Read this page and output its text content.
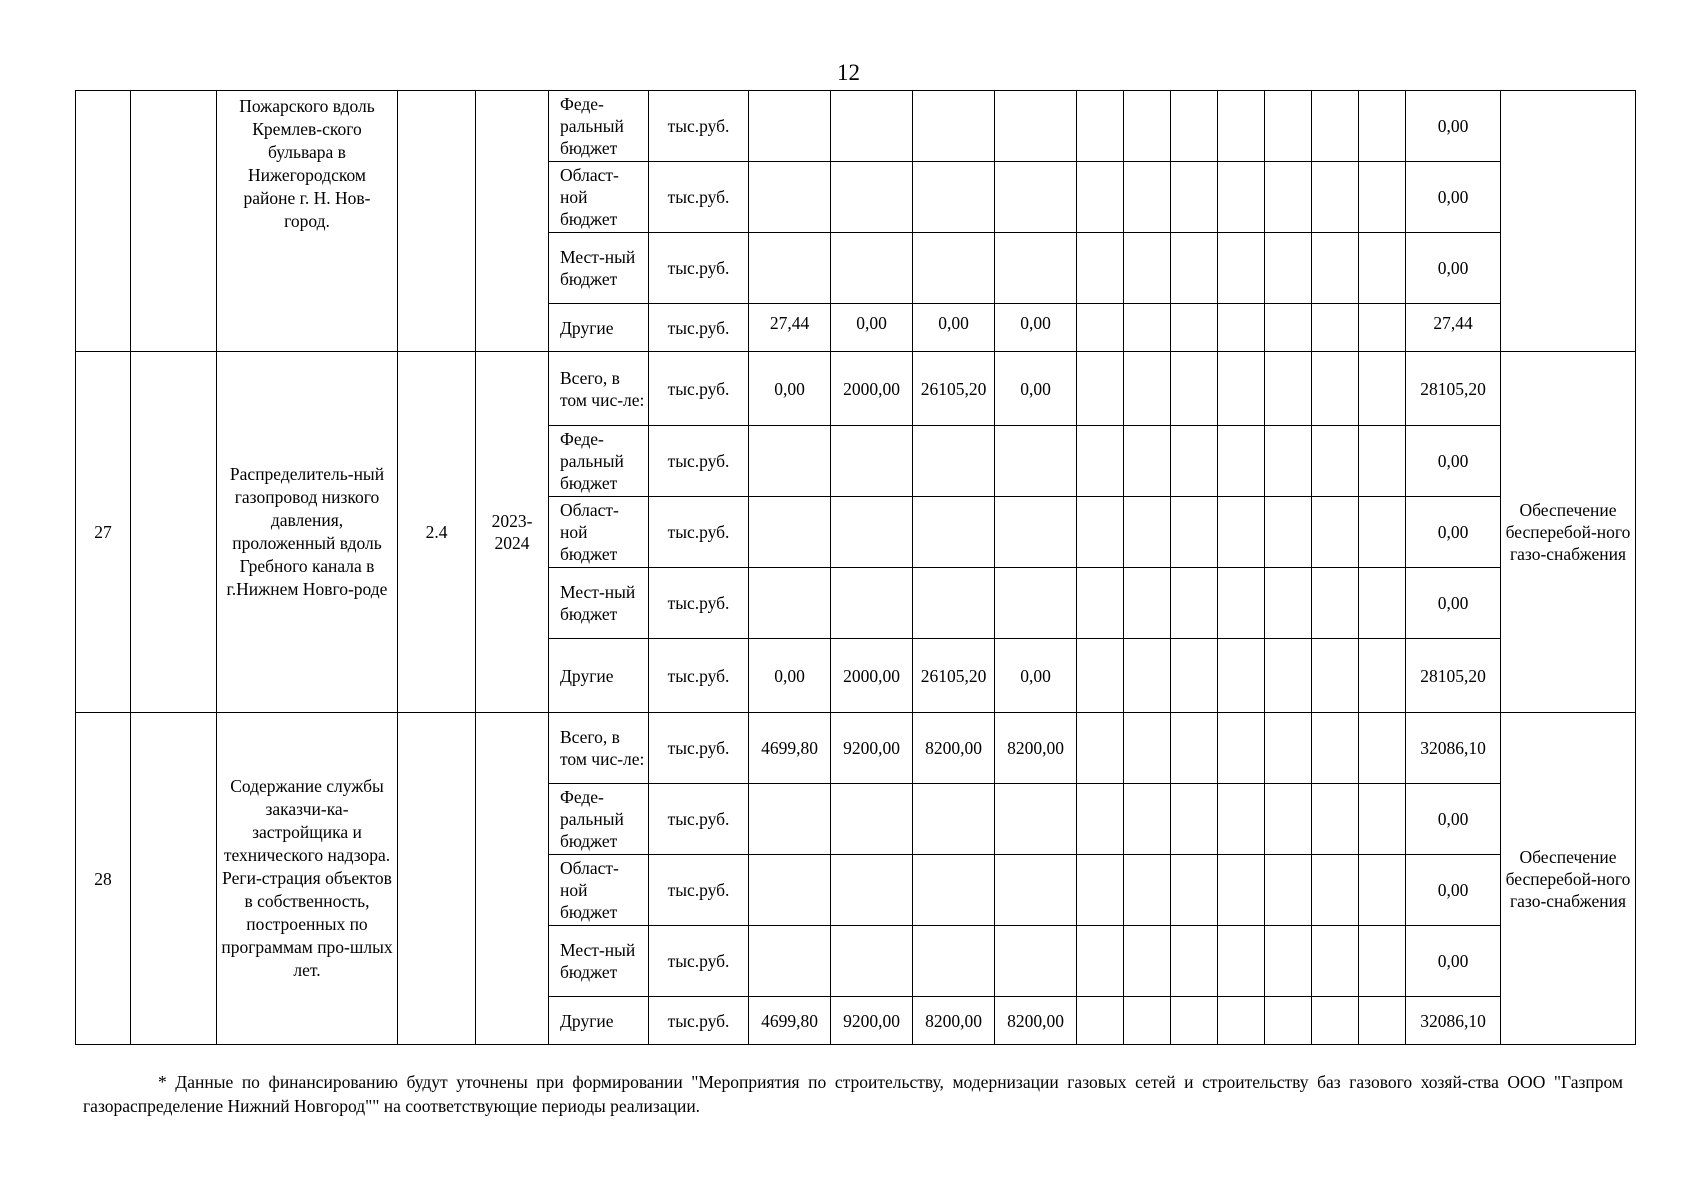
12
		Пожарского вдоль Кремлев-ского бульвара в Нижегородском районе г. Н. Нов-город.			Феде-ральный бюджет	тыс.руб.												0,00	
					Област-ной бюджет	тыс.руб.												0,00	
					Мест-ный бюджет	тыс.руб.												0,00	
					Другие	тыс.руб.	27,44	0,00	0,00	0,00								27,44	
27		Распределитель-ный газопровод низкого давления, проложенный вдоль Гребного канала в г.Нижнем Новго-роде	2.4	2023-2024	Всего, в том чис-ле:	тыс.руб.	0,00	2000,00	26105,20	0,00								28105,20	Обеспечение бесперебой-ного газо-снабжения
					Феде-ральный бюджет	тыс.руб.												0,00	
					Област-ной бюджет	тыс.руб.												0,00	
					Мест-ный бюджет	тыс.руб.												0,00	
					Другие	тыс.руб.	0,00	2000,00	26105,20	0,00								28105,20	
28		Содержание службы заказчи-ка-застройщика и технического надзора. Реги-страция объектов в собственность, построенных по программам про-шлых лет.			Всего, в том чис-ле:	тыс.руб.	4699,80	9200,00	8200,00	8200,00								32086,10	Обеспечение бесперебой-ного газо-снабжения
					Феде-ральный бюджет	тыс.руб.												0,00	
					Област-ной бюджет	тыс.руб.												0,00	
					Мест-ный бюджет	тыс.руб.												0,00	
					Другие	тыс.руб.	4699,80	9200,00	8200,00	8200,00								32086,10	
* Данные по финансированию будут уточнены при формировании "Мероприятия по строительству, модернизации газовых сетей и строительству баз газового хозяй-ства ООО "Газпром газораспределение Нижний Новгород"" на соответствующие периоды реализации.
